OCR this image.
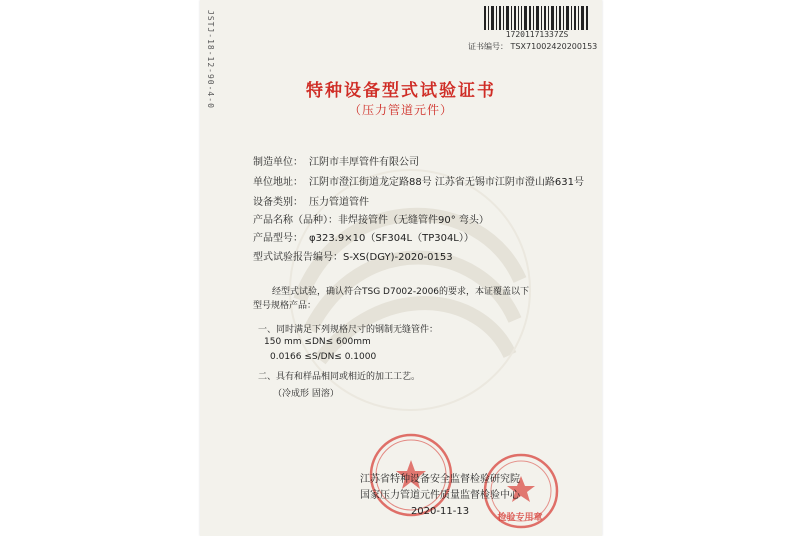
JSTJ-18-12-90-4-0	17201171337ZS
证书编号： TSX71002420200153
特种设备型式试验证书
（压力管道元件）
制造单位： 江阴市丰厚管件有限公司
单位地址： 江阴市澄江街道龙定路88号 江苏省无锡市江阴市澄山路631号
设备类别： 压力管道管件
产品名称（品种）：非焊接管件（无缝管件90° 弯头）
产品型号： φ323.9×10（SF304L（TP304L））
型式试验报告编号：S-XS(DGY)-2020-0153
经型式试验，确认符合TSG D7002-2006的要求，本证覆盖以下
型号规格产品：
一、同时满足下列规格尺寸的钢制无缝管件：
150 mm ≤DN≤ 600mm
0.0166 ≤S/DN≤ 0.1000
二、具有和样品相同或相近的加工工艺。
（冷成形 固溶）
检验专用章
江苏省特种设备安全监督检验研究院
国家压力管道元件质量监督检验中心
2020-11-13
